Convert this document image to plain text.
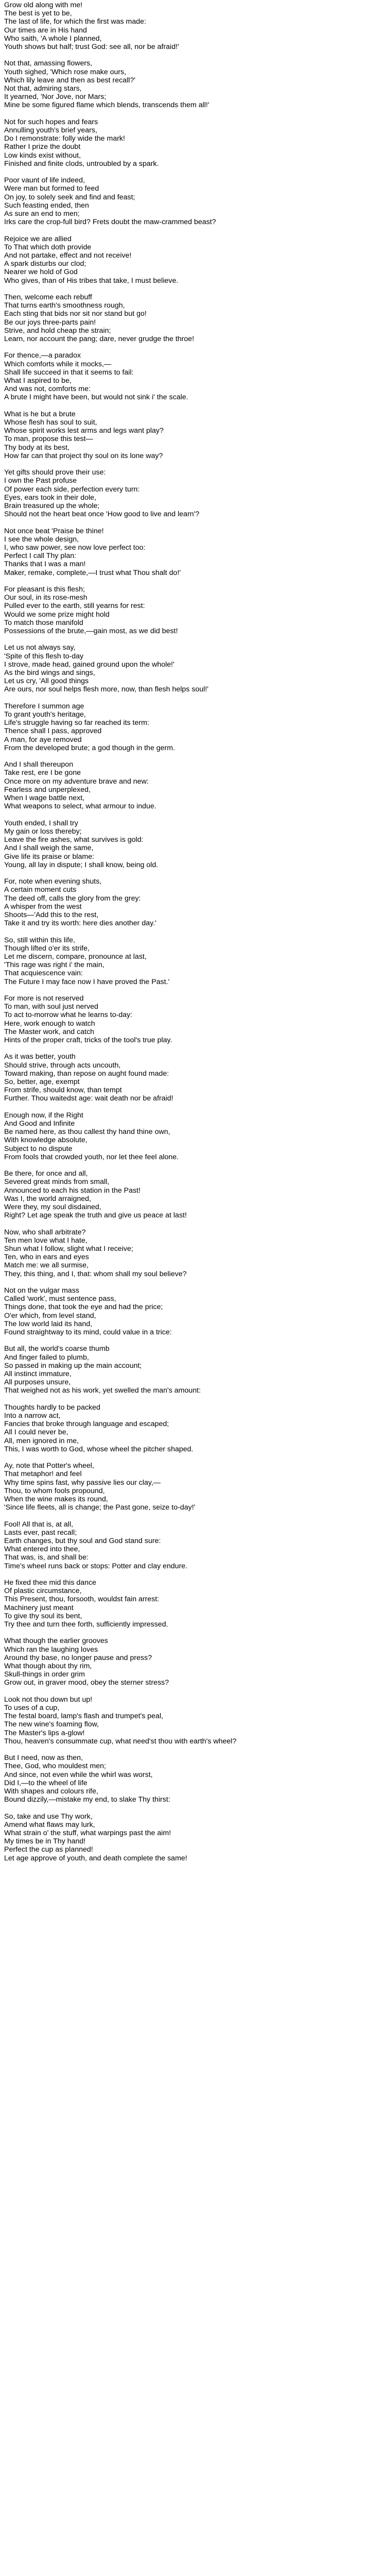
Grow old along with me!
The best is yet to be,
The last of life, for which the first was made:
Our times are in His hand
Who saith, 'A whole I planned,
Youth shows but half; trust God: see all, nor be afraid!'
Not that, amassing flowers,
Youth sighed, 'Which rose make ours,
Which lily leave and then as best recall?'
Not that, admiring stars,
It yearned, 'Nor Jove, nor Mars;
Mine be some figured flame which blends, transcends them all!'
Not for such hopes and fears
Annulling youth's brief years,
Do I remonstrate: folly wide the mark!
Rather I prize the doubt
Low kinds exist without,
Finished and finite clods, untroubled by a spark.
Poor vaunt of life indeed,
Were man but formed to feed
On joy, to solely seek and find and feast;
Such feasting ended, then
As sure an end to men;
Irks care the crop-full bird? Frets doubt the maw-crammed beast?
Rejoice we are allied
To That which doth provide
And not partake, effect and not receive!
A spark disturbs our clod;
Nearer we hold of God
Who gives, than of His tribes that take, I must believe.
Then, welcome each rebuff
That turns earth's smoothness rough,
Each sting that bids nor sit nor stand but go!
Be our joys three-parts pain!
Strive, and hold cheap the strain;
Learn, nor account the pang; dare, never grudge the throe!
For thence,—a paradox
Which comforts while it mocks,—
Shall life succeed in that it seems to fail:
What I aspired to be,
And was not, comforts me:
A brute I might have been, but would not sink i' the scale.
What is he but a brute
Whose flesh has soul to suit,
Whose spirit works lest arms and legs want play?
To man, propose this test—
Thy body at its best,
How far can that project thy soul on its lone way?
Yet gifts should prove their use:
I own the Past profuse
Of power each side, perfection every turn:
Eyes, ears took in their dole,
Brain treasured up the whole;
Should not the heart beat once 'How good to live and learn'?
Not once beat 'Praise be thine!
I see the whole design,
I, who saw power, see now love perfect too:
Perfect I call Thy plan:
Thanks that I was a man!
Maker, remake, complete,—I trust what Thou shalt do!'
For pleasant is this flesh;
Our soul, in its rose-mesh
Pulled ever to the earth, still yearns for rest:
Would we some prize might hold
To match those manifold
Possessions of the brute,—gain most, as we did best!
Let us not always say,
'Spite of this flesh to-day
I strove, made head, gained ground upon the whole!'
As the bird wings and sings,
Let us cry, 'All good things
Are ours, nor soul helps flesh more, now, than flesh helps soul!'
Therefore I summon age
To grant youth's heritage,
Life's struggle having so far reached its term:
Thence shall I pass, approved
A man, for aye removed
From the developed brute; a god though in the germ.
And I shall thereupon
Take rest, ere I be gone
Once more on my adventure brave and new:
Fearless and unperplexed,
When I wage battle next,
What weapons to select, what armour to indue.
Youth ended, I shall try
My gain or loss thereby;
Leave the fire ashes, what survives is gold:
And I shall weigh the same,
Give life its praise or blame:
Young, all lay in dispute; I shall know, being old.
For, note when evening shuts,
A certain moment cuts
The deed off, calls the glory from the grey:
A whisper from the west
Shoots—'Add this to the rest,
Take it and try its worth: here dies another day.'
So, still within this life,
Though lifted o'er its strife,
Let me discern, compare, pronounce at last,
'This rage was right i' the main,
That acquiescence vain:
The Future I may face now I have proved the Past.'
For more is not reserved
To man, with soul just nerved
To act to-morrow what he learns to-day:
Here, work enough to watch
The Master work, and catch
Hints of the proper craft, tricks of the tool's true play.
As it was better, youth
Should strive, through acts uncouth,
Toward making, than repose on aught found made:
So, better, age, exempt
From strife, should know, than tempt
Further. Thou waitedst age: wait death nor be afraid!
Enough now, if the Right
And Good and Infinite
Be named here, as thou callest thy hand thine own,
With knowledge absolute,
Subject to no dispute
From fools that crowded youth, nor let thee feel alone.
Be there, for once and all,
Severed great minds from small,
Announced to each his station in the Past!
Was I, the world arraigned,
Were they, my soul disdained,
Right? Let age speak the truth and give us peace at last!
Now, who shall arbitrate?
Ten men love what I hate,
Shun what I follow, slight what I receive;
Ten, who in ears and eyes
Match me: we all surmise,
They, this thing, and I, that: whom shall my soul believe?
Not on the vulgar mass
Called 'work', must sentence pass,
Things done, that took the eye and had the price;
O'er which, from level stand,
The low world laid its hand,
Found straightway to its mind, could value in a trice:
But all, the world's coarse thumb
And finger failed to plumb,
So passed in making up the main account;
All instinct immature,
All purposes unsure,
That weighed not as his work, yet swelled the man's amount:
Thoughts hardly to be packed
Into a narrow act,
Fancies that broke through language and escaped;
All I could never be,
All, men ignored in me,
This, I was worth to God, whose wheel the pitcher shaped.
Ay, note that Potter's wheel,
That metaphor! and feel
Why time spins fast, why passive lies our clay,—
Thou, to whom fools propound,
When the wine makes its round,
'Since life fleets, all is change; the Past gone, seize to-day!'
Fool! All that is, at all,
Lasts ever, past recall;
Earth changes, but thy soul and God stand sure:
What entered into thee,
That was, is, and shall be:
Time's wheel runs back or stops: Potter and clay endure.
He fixed thee mid this dance
Of plastic circumstance,
This Present, thou, forsooth, wouldst fain arrest:
Machinery just meant
To give thy soul its bent,
Try thee and turn thee forth, sufficiently impressed.
What though the earlier grooves
Which ran the laughing loves
Around thy base, no longer pause and press?
What though about thy rim,
Skull-things in order grim
Grow out, in graver mood, obey the sterner stress?
Look not thou down but up!
To uses of a cup,
The festal board, lamp's flash and trumpet's peal,
The new wine's foaming flow,
The Master's lips a-glow!
Thou, heaven's consummate cup, what need'st thou with earth's wheel?
But I need, now as then,
Thee, God, who mouldest men;
And since, not even while the whirl was worst,
Did I,—to the wheel of life
With shapes and colours rife,
Bound dizzily,—mistake my end, to slake Thy thirst:
So, take and use Thy work,
Amend what flaws may lurk,
What strain o' the stuff, what warpings past the aim!
My times be in Thy hand!
Perfect the cup as planned!
Let age approve of youth, and death complete the same!
